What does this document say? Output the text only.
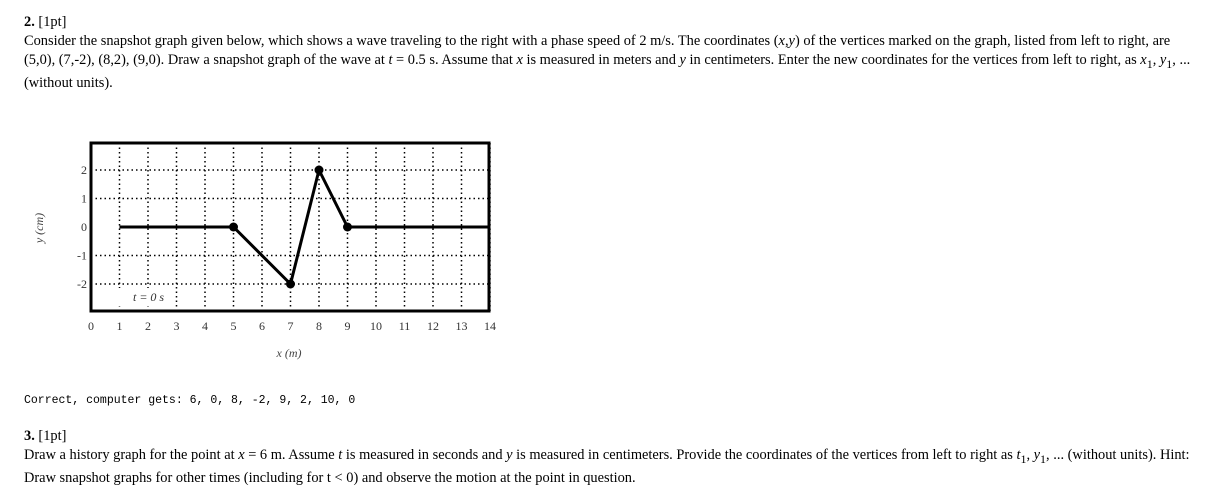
2. [1pt]
Consider the snapshot graph given below, which shows a wave traveling to the right with a phase speed of 2 m/s. The coordinates (x,y) of the vertices marked on the graph, listed from left to right, are (5,0), (7,-2), (8,2), (9,0). Draw a snapshot graph of the wave at t = 0.5 s. Assume that x is measured in meters and y in centimeters. Enter the new coordinates for the vertices from left to right, as $x_1$, $y_1$, ... (without units).
0 1 2 3 4 5 6 7 8 9 10 11 12 13 14
2
1
0
-1
-2
t = 0 s
y (cm)
x (m)
Correct, computer gets: 6, 0, 8, -2, 9, 2, 10, 0
3. [1pt]
Draw a history graph for the point at x = 6 m. Assume t is measured in seconds and y is measured in centimeters. Provide the coordinates of the vertices from left to right as $t_1$, $y_1$, ... (without units). Hint: Draw snapshot graphs for other times (including for t < 0) and observe the motion at the point in question.
